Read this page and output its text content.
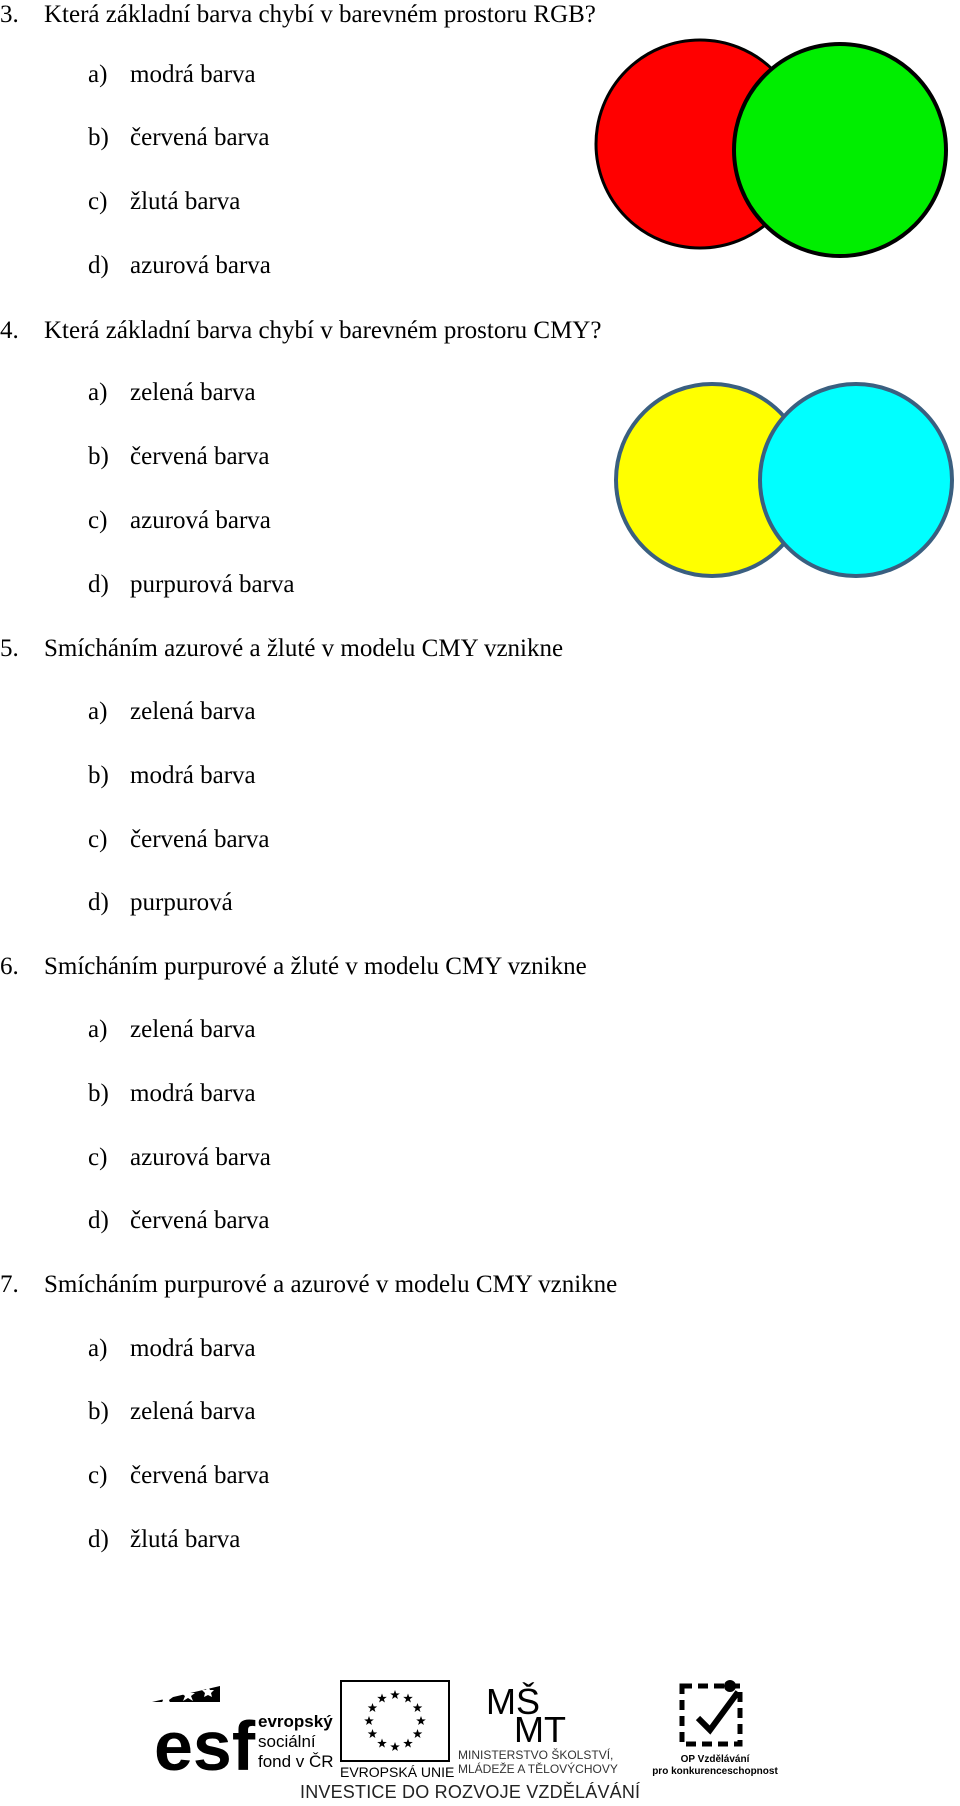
3. Která základní barva chybí v barevném prostoru RGB?
a) modrá barva
b) červená barva
c) žlutá barva
d) azurová barva
4. Která základní barva chybí v barevném prostoru CMY?
a) zelená barva
b) červená barva
c) azurová barva
d) purpurová barva
5. Smícháním azurové a žluté v modelu CMY vznikne
a) zelená barva
b) modrá barva
c) červená barva
d) purpurová
6. Smícháním purpurové a žluté v modelu CMY vznikne
a) zelená barva
b) modrá barva
c) azurová barva
d) červená barva
7. Smícháním purpurové a azurové v modelu CMY vznikne
a) modrá barva
b) zelená barva
c) červená barva
d) žlutá barva
esf evropský
sociální
fond v ČR
EVROPSKÁ UNIE
MŠ
MT
MINISTERSTVO ŠKOLSTVÍ,
MLÁDEŽE A TĚLOVÝCHOVY
OP Vzdělávání
pro konkurenceschopnost
INVESTICE DO ROZVOJE VZDĚLÁVÁNÍ
